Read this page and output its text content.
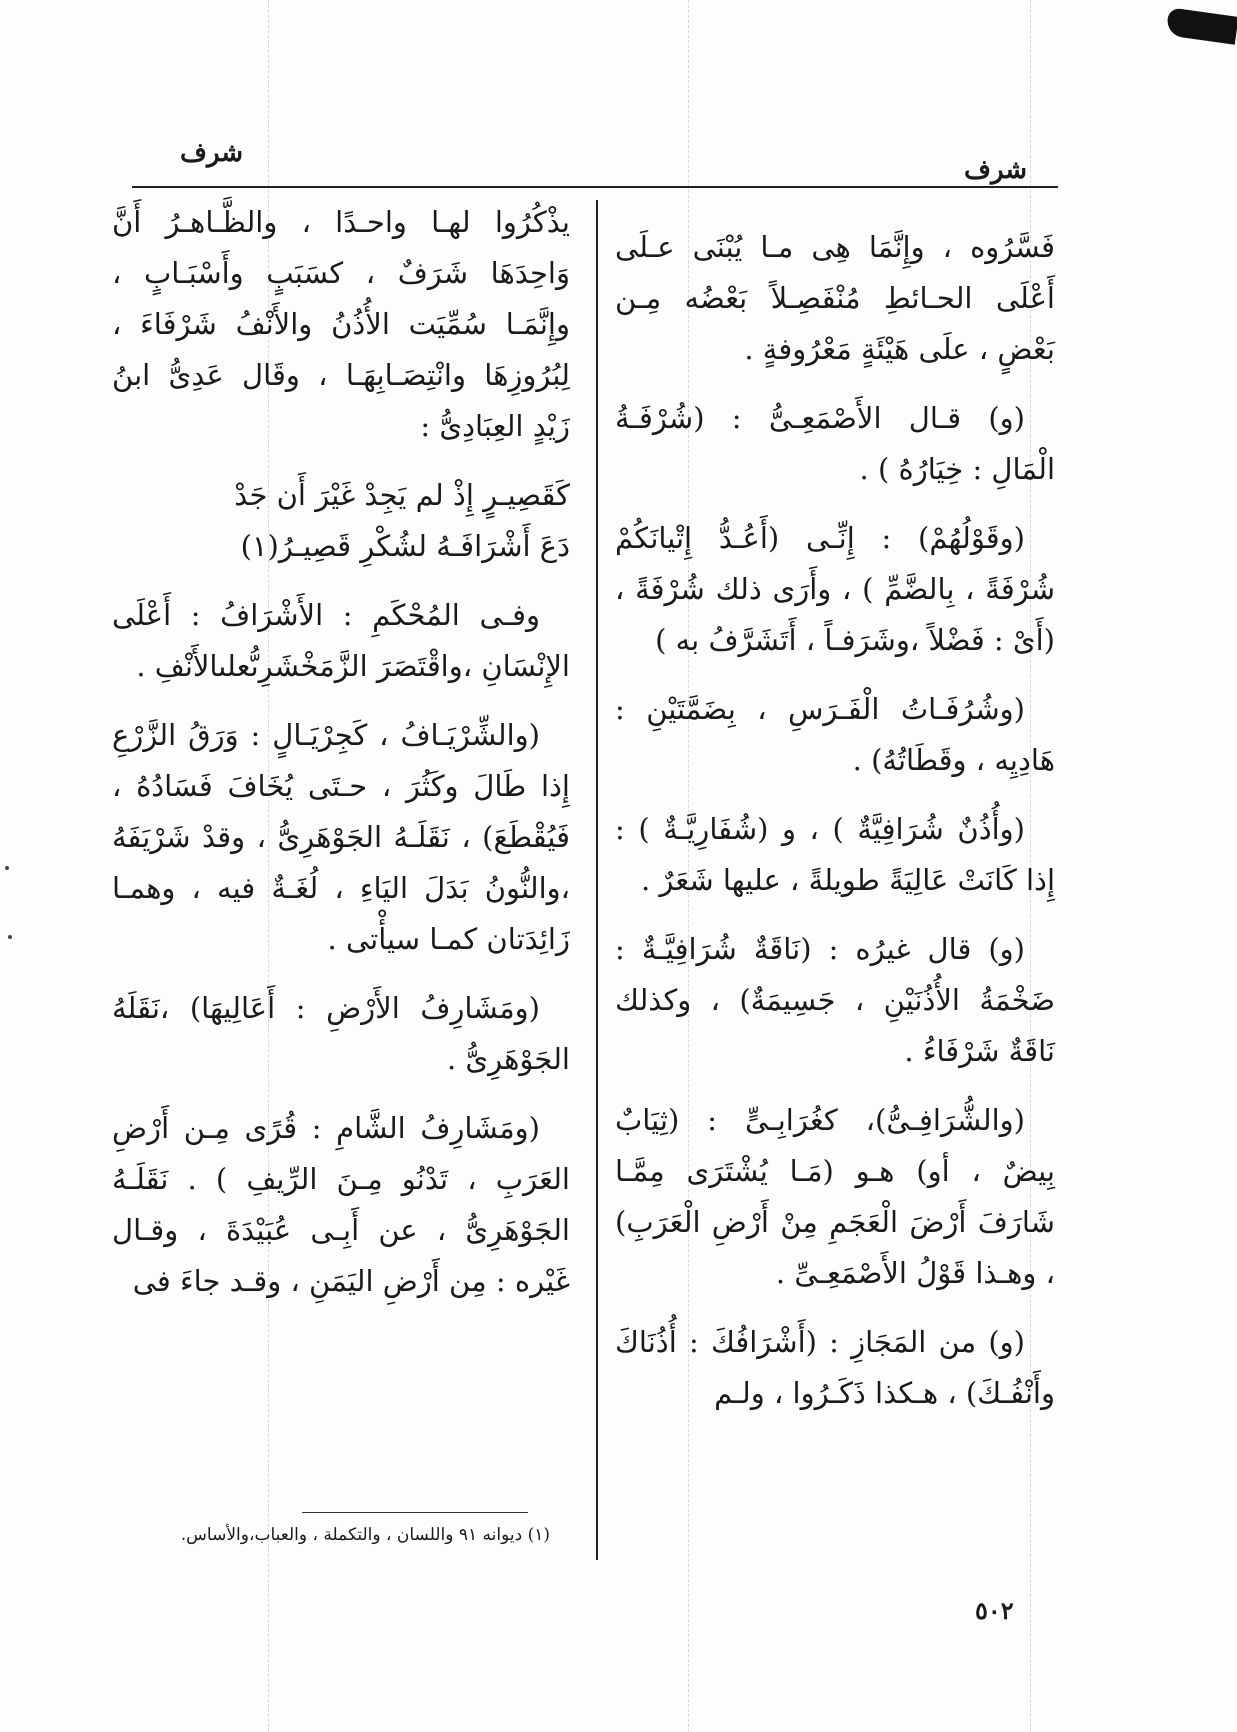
شرف
شرف

فَسَّرُوه ، وإِنَّمَا هِى مـا يُبْنَى عـلَى أَعْلَى الحـائطِ مُنْفَصِـلاً بَعْضُه مِـن بَعْضٍ ، علَى هَيْئَةٍ مَعْرُوفةٍ .

(و) قـال الأَصْمَعِـىُّ : (شُرْفَـةُ الْمَالِ : خِيَارُهُ ) .

(وقَوْلُهُمْ) : إِنِّـى (أَعُـدُّ إِتْيانَكُمْ شُرْفَةً ، بِالضَّمِّ ) ، وأَرَى ذلك شُرْفَةً ، (أَىْ : فَضْلاً ،وشَرَفـاً ، أَتَشَرَّفُ به )

(وشُرُفَـاتُ الْفَـرَسِ ، بِضَمَّتَيْنِ : هَادِيِه ، وقَطَاتُهُ) .

(وأُذُنٌ شُرَافِيَّةٌ ) ، و (شُفَارِيَّـةٌ ) : إِذا كَانَتْ عَالِيَةً طويلةً ، عليها شَعَرٌ .

(و) قال غيرُه : (نَاقَةٌ شُرَافِيَّـةٌ : ضَخْمَةُ الأُذُنَيْنِ ، جَسِيمَةٌ) ، وكذلك نَاقَةٌ شَرْفَاءُ .

(والشُّرَافِـىُّ)، كغُرَابِـىٍّ : (ثِيَابٌ بِيضٌ ، أو) هـو (مَـا يُشْتَرَى مِمَّـا شَارَفَ أَرْضَ الْعَجَمِ مِنْ أَرْضِ الْعَرَبِ) ، وهـذا قَوْلُ الأَصْمَعِـىِّ .

(و) من المَجَازِ : (أَشْرَافُكَ : أُذُنَاكَ وأَنْفُـكَ) ، هـكذا ذَكَـرُوا ، ولـم

يذْكُرُوا لهـا واحـدًا ، والظَّـاهـرُ أَنَّ وَاحِدَهَا شَرَفٌ ، كسَبَبٍ وأَسْبَـابٍ ، وإِنَّمَـا سُمِّيَت الأُذُنُ والأَنْفُ شَرْفَاءَ ، لِبُرُوزِهَا وانْتِصَـابِهَـا ، وقَال عَدِىُّ ابنُ زَيْدٍ العِبَادِىُّ :

كَقَصِيـرٍ إِذْ لم يَجِدْ غَيْرَ أَن جَدْ
دَعَ أَشْرَافَـهُ لشُكْرِ قَصِيـرُ(١)

وفـى المُحْكَمِ : الأَشْرَافُ : أَعْلَى الإِنْسَانِ ،واقْتَصَرَ الزَّمَخْشَرِىُّعلىالأَنْفِ .

(والشِّرْيَـافُ ، كَجِرْيَـالٍ : وَرَقُ الزَّرْعِ إِذا طَالَ وكَثُرَ ، حـتَى يُخَافَ فَسَادُهُ ، فَيُقْطَعَ) ، نَقَلَـهُ الجَوْهَرِىُّ ، وقدْ شَرْيَفَهُ ،والنُّونُ بَدَلَ اليَاءِ ، لُغَـةٌ فيه ، وهمـا زَائِدَتان كمـا سيأْتى .

(ومَشَارِفُ الأَرْضِ : أَعَالِيهَا) ،نَقَلَهُ الجَوْهَرِىُّ .

(ومَشَارِفُ الشَّامِ : قُرًى مِـن أَرْضِ العَرَبِ ، تَدْنُو مِـنَ الرِّيفِ ) . نَقَلَـهُ الجَوْهَرِىُّ ، عن أَبِـى عُبَيْدَةَ ، وقـال غَيْره : مِن أَرْضِ اليَمَنِ ، وقـد جاءَ فى

(١) ديوانه ٩١ واللسان ، والتكملة ، والعباب،والأساس.
٥٠٢
